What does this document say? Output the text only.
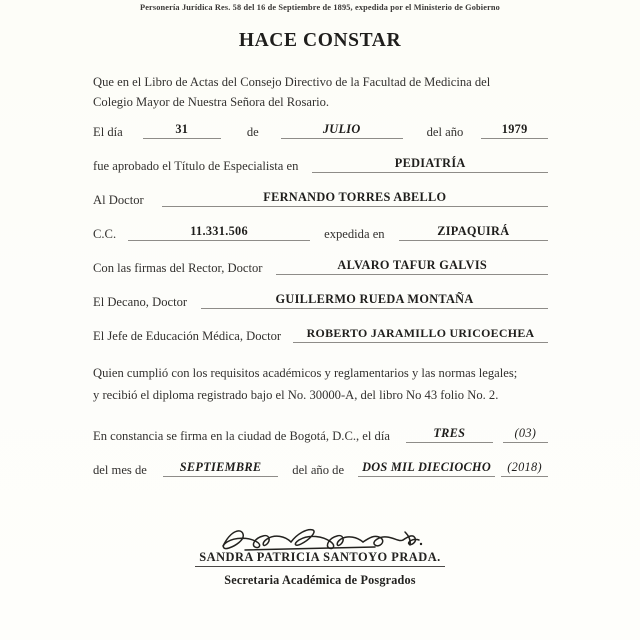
Personería Jurídica Res. 58 del 16 de Septiembre de 1895, expedida por el Ministerio de Gobierno
HACE CONSTAR
Que en el Libro de Actas del Consejo Directivo de la Facultad de Medicina del
Colegio Mayor de Nuestra Señora del Rosario.
El día	31	de	JULIO	del año	1979
fue aprobado el Título de Especialista en	PEDIATRÍA
Al Doctor	FERNANDO TORRES ABELLO
C.C.	11.331.506	expedida en	ZIPAQUIRÁ
Con las firmas del Rector, Doctor	ALVARO TAFUR GALVIS
El Decano, Doctor	GUILLERMO RUEDA MONTAÑA
El Jefe de Educación Médica, Doctor	ROBERTO JARAMILLO URICOECHEA
Quien cumplió con los requisitos académicos y reglamentarios y las normas legales;
y recibió el diploma registrado bajo el No. 30000-A, del libro No 43 folio No. 2.
En constancia se firma en la ciudad de Bogotá, D.C., el día	TRES	(03)
del mes de	SEPTIEMBRE	del año de	DOS MIL DIECIOCHO	(2018)
SANDRA PATRICIA SANTOYO PRADA.
Secretaria Académica de Posgrados
